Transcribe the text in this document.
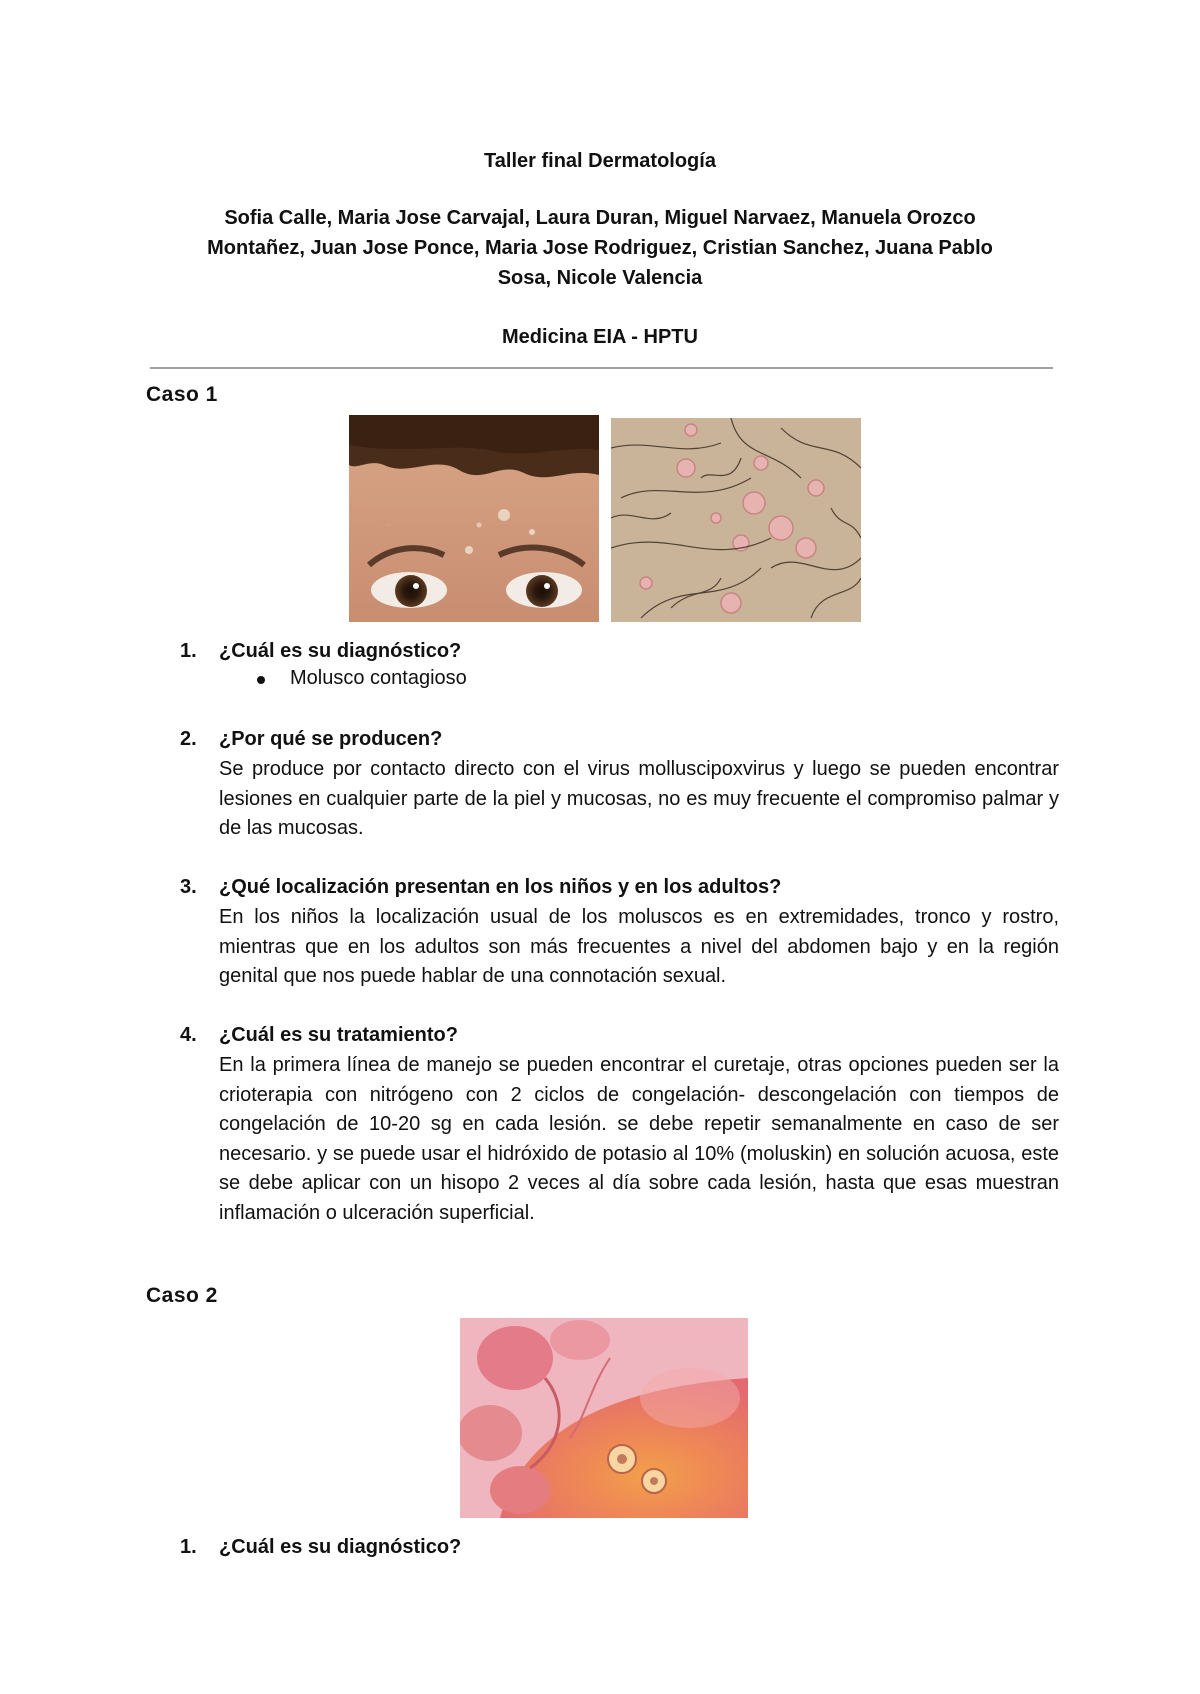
Taller final Dermatología
Sofia Calle, Maria Jose Carvajal, Laura Duran, Miguel Narvaez, Manuela Orozco
Montañez, Juan Jose Ponce, Maria Jose Rodriguez, Cristian Sanchez, Juana Pablo
Sosa, Nicole Valencia
Medicina EIA - HPTU
Caso 1
1. ¿Cuál es su diagnóstico?
Molusco contagioso
2. ¿Por qué se producen?
Se produce por contacto directo con el virus molluscipoxvirus y luego se pueden encontrar lesiones en cualquier parte de la piel y mucosas, no es muy frecuente el compromiso palmar y de las mucosas.
3. ¿Qué localización presentan en los niños y en los adultos?
En los niños la localización usual de los moluscos es en extremidades, tronco y rostro, mientras que en los adultos son más frecuentes a nivel del abdomen bajo y en la región genital que nos puede hablar de una connotación sexual.
4. ¿Cuál es su tratamiento?
En la primera línea de manejo se pueden encontrar el curetaje, otras opciones pueden ser la crioterapia con nitrógeno con 2 ciclos de congelación- descongelación con tiempos de congelación de 10-20 sg en cada lesión. se debe repetir semanalmente en caso de ser necesario. y se puede usar el hidróxido de potasio al 10% (moluskin) en solución acuosa, este se debe aplicar con un hisopo 2 veces al día sobre cada lesión, hasta que esas muestran inflamación o ulceración superficial.
Caso 2
1. ¿Cuál es su diagnóstico?
